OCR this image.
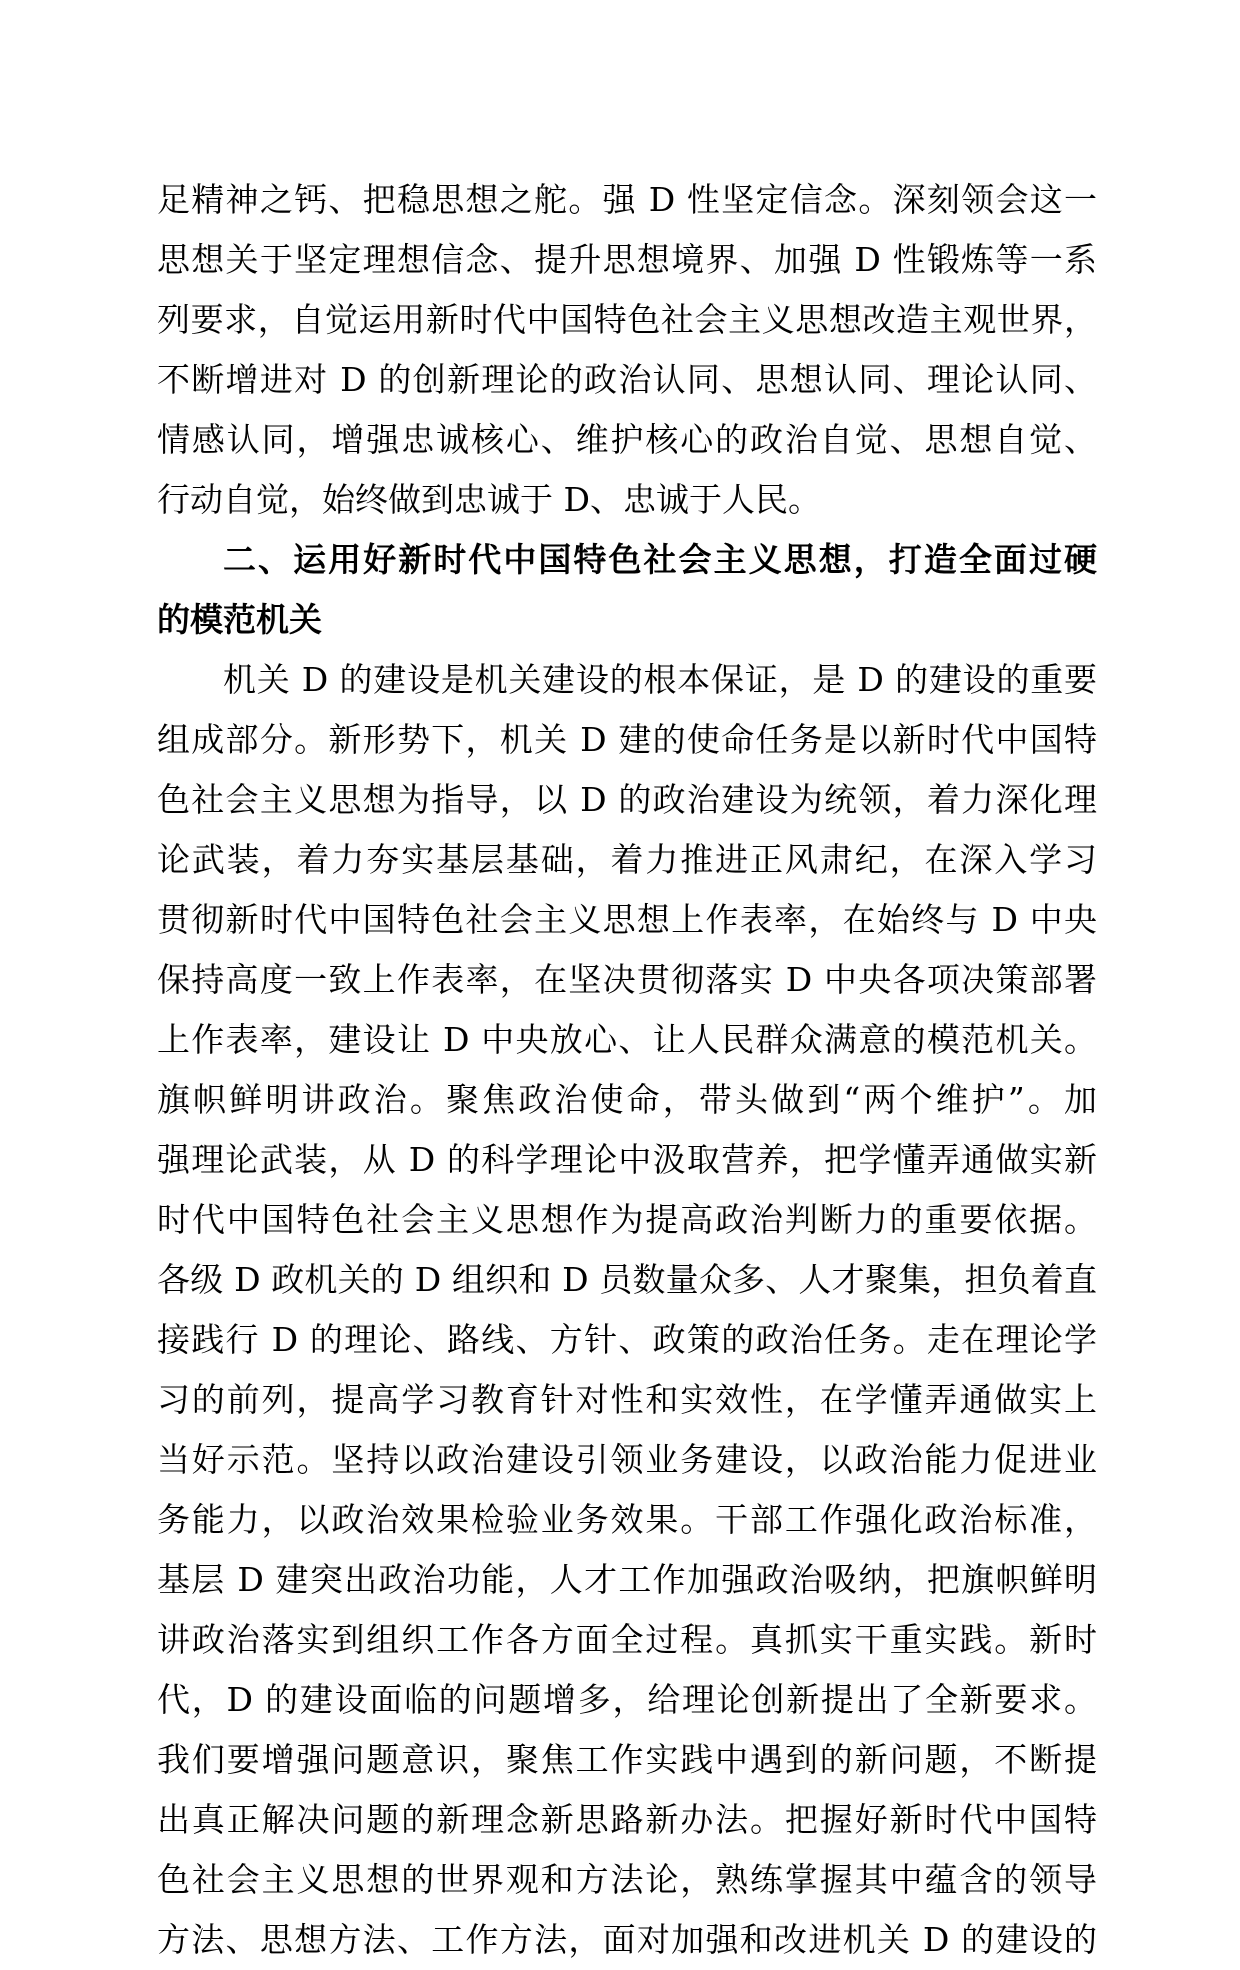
足精神之钙、把稳思想之舵。强 D 性坚定信念。深刻领会这一
思想关于坚定理想信念、提升思想境界、加强 D 性锻炼等一系
列要求，自觉运用新时代中国特色社会主义思想改造主观世界，
不断增进对 D 的创新理论的政治认同、思想认同、理论认同、
情感认同，增强忠诚核心、维护核心的政治自觉、思想自觉、
行动自觉，始终做到忠诚于 D、忠诚于人民。
二、运用好新时代中国特色社会主义思想，打造全面过硬
的模范机关
机关 D 的建设是机关建设的根本保证，是 D 的建设的重要
组成部分。新形势下，机关 D 建的使命任务是以新时代中国特
色社会主义思想为指导，以 D 的政治建设为统领，着力深化理
论武装，着力夯实基层基础，着力推进正风肃纪，在深入学习
贯彻新时代中国特色社会主义思想上作表率，在始终与 D 中央
保持高度一致上作表率，在坚决贯彻落实 D 中央各项决策部署
上作表率，建设让 D 中央放心、让人民群众满意的模范机关。
旗帜鲜明讲政治。聚焦政治使命，带头做到“两个维护”。加
强理论武装，从 D 的科学理论中汲取营养，把学懂弄通做实新
时代中国特色社会主义思想作为提高政治判断力的重要依据。
各级 D 政机关的 D 组织和 D 员数量众多、人才聚集，担负着直
接践行 D 的理论、路线、方针、政策的政治任务。走在理论学
习的前列，提高学习教育针对性和实效性，在学懂弄通做实上
当好示范。坚持以政治建设引领业务建设，以政治能力促进业
务能力，以政治效果检验业务效果。干部工作强化政治标准，
基层 D 建突出政治功能，人才工作加强政治吸纳，把旗帜鲜明
讲政治落实到组织工作各方面全过程。真抓实干重实践。新时
代，D 的建设面临的问题增多，给理论创新提出了全新要求。
我们要增强问题意识，聚焦工作实践中遇到的新问题，不断提
出真正解决问题的新理念新思路新办法。把握好新时代中国特
色社会主义思想的世界观和方法论，熟练掌握其中蕴含的领导
方法、思想方法、工作方法，面对加强和改进机关 D 的建设的
